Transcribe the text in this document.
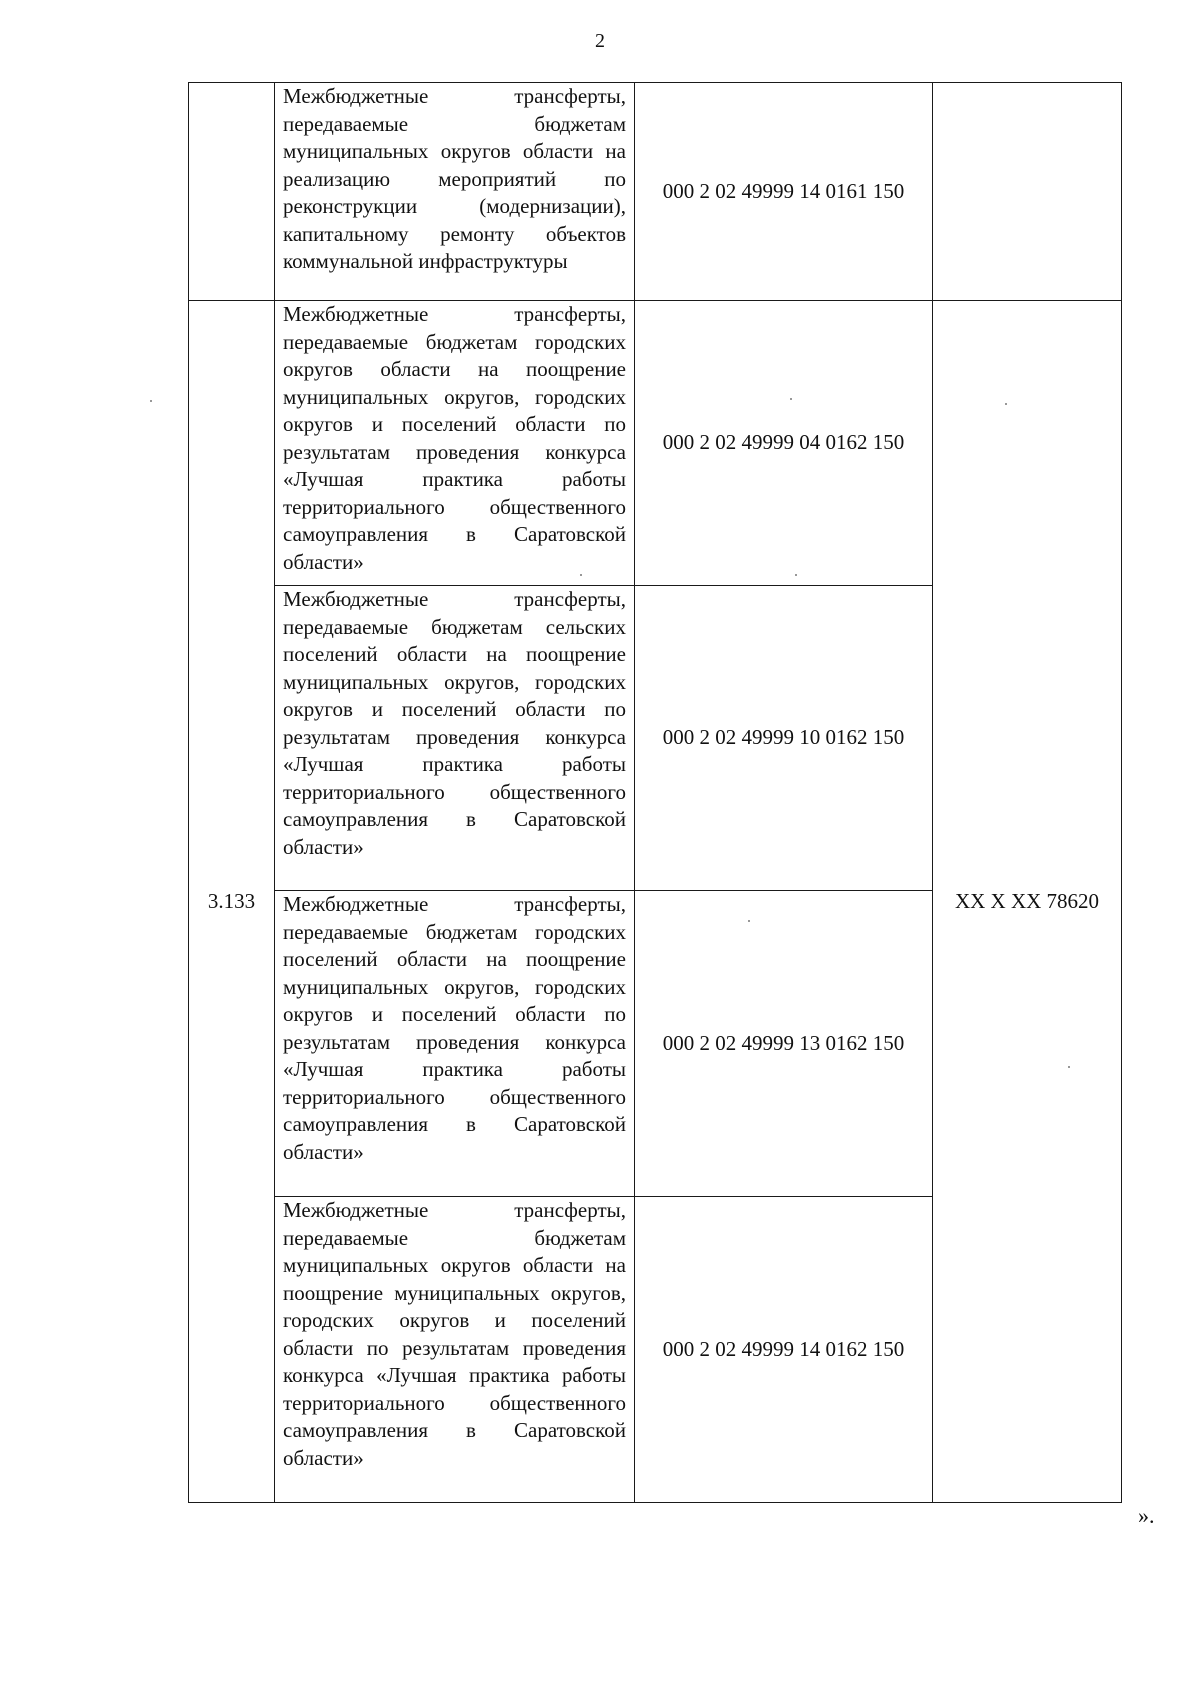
2

	Межбюджетные трансферты, передаваемые бюджетам муниципальных округов области на реализацию мероприятий по реконструкции (модернизации), капитальному ремонту объектов коммунальной инфраструктуры	000 2 02 49999 14 0161 150	
3.133	Межбюджетные трансферты, передаваемые бюджетам городских округов области на поощрение муниципальных округов, городских округов и поселений области по результатам проведения конкурса «Лучшая практика работы территориального общественного самоуправления в Саратовской области»	000 2 02 49999 04 0162 150	XX X XX 78620

	Межбюджетные трансферты, передаваемые бюджетам сельских поселений области на поощрение муниципальных округов, городских округов и поселений области по результатам проведения конкурса «Лучшая практика работы территориального общественного самоуправления в Саратовской области»	000 2 02 49999 10 0162 150	

	Межбюджетные трансферты, передаваемые бюджетам городских поселений области на поощрение муниципальных округов, городских округов и поселений области по результатам проведения конкурса «Лучшая практика работы территориального общественного самоуправления в Саратовской области»	000 2 02 49999 13 0162 150	

	Межбюджетные трансферты, передаваемые бюджетам муниципальных округов области на поощрение муниципальных округов, городских округов и поселений области по результатам проведения конкурса «Лучшая практика работы территориального общественного самоуправления в Саратовской области»	000 2 02 49999 14 0162 150	
».
